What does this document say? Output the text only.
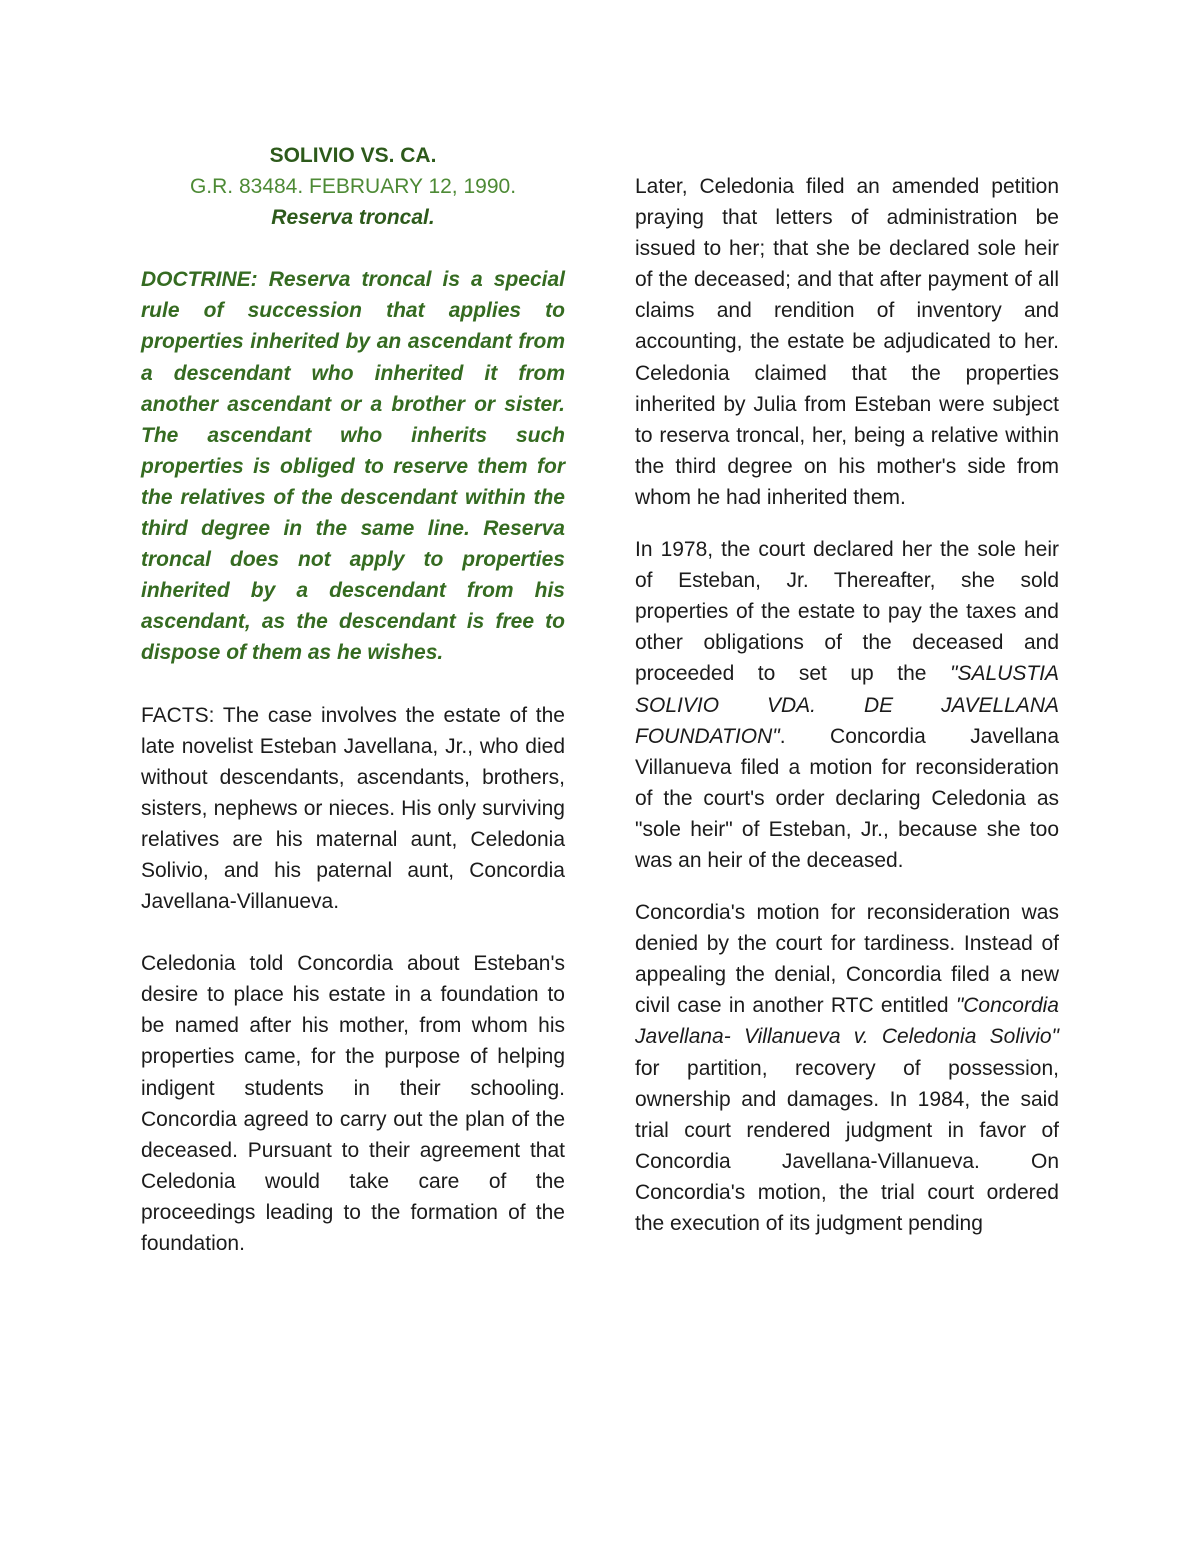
SOLIVIO VS. CA.

G.R. 83484. FEBRUARY 12, 1990.

Reserva troncal.

DOCTRINE: Reserva troncal is a special rule of succession that applies to properties inherited by an ascendant from a descendant who inherited it from another ascendant or a brother or sister. The ascendant who inherits such properties is obliged to reserve them for the relatives of the descendant within the third degree in the same line. Reserva troncal does not apply to properties inherited by a descendant from his ascendant, as the descendant is free to dispose of them as he wishes.

FACTS: The case involves the estate of the late novelist Esteban Javellana, Jr., who died without descendants, ascendants, brothers, sisters, nephews or nieces. His only surviving relatives are his maternal aunt, Celedonia Solivio, and his paternal aunt, Concordia Javellana-Villanueva.

Celedonia told Concordia about Esteban's desire to place his estate in a foundation to be named after his mother, from whom his properties came, for the purpose of helping indigent students in their schooling. Concordia agreed to carry out the plan of the deceased. Pursuant to their agreement that Celedonia would take care of the proceedings leading to the formation of the foundation.

Later, Celedonia filed an amended petition praying that letters of administration be issued to her; that she be declared sole heir of the deceased; and that after payment of all claims and rendition of inventory and accounting, the estate be adjudicated to her. Celedonia claimed that the properties inherited by Julia from Esteban were subject to reserva troncal, her, being a relative within the third degree on his mother's side from whom he had inherited them.

In 1978, the court declared her the sole heir of Esteban, Jr. Thereafter, she sold properties of the estate to pay the taxes and other obligations of the deceased and proceeded to set up the "SALUSTIA SOLIVIO VDA. DE JAVELLANA FOUNDATION". Concordia Javellana Villanueva filed a motion for reconsideration of the court's order declaring Celedonia as "sole heir" of Esteban, Jr., because she too was an heir of the deceased.

Concordia's motion for reconsideration was denied by the court for tardiness. Instead of appealing the denial, Concordia filed a new civil case in another RTC entitled "Concordia Javellana- Villanueva v. Celedonia Solivio" for partition, recovery of possession, ownership and damages. In 1984, the said trial court rendered judgment in favor of Concordia Javellana-Villanueva. On Concordia's motion, the trial court ordered the execution of its judgment pending
